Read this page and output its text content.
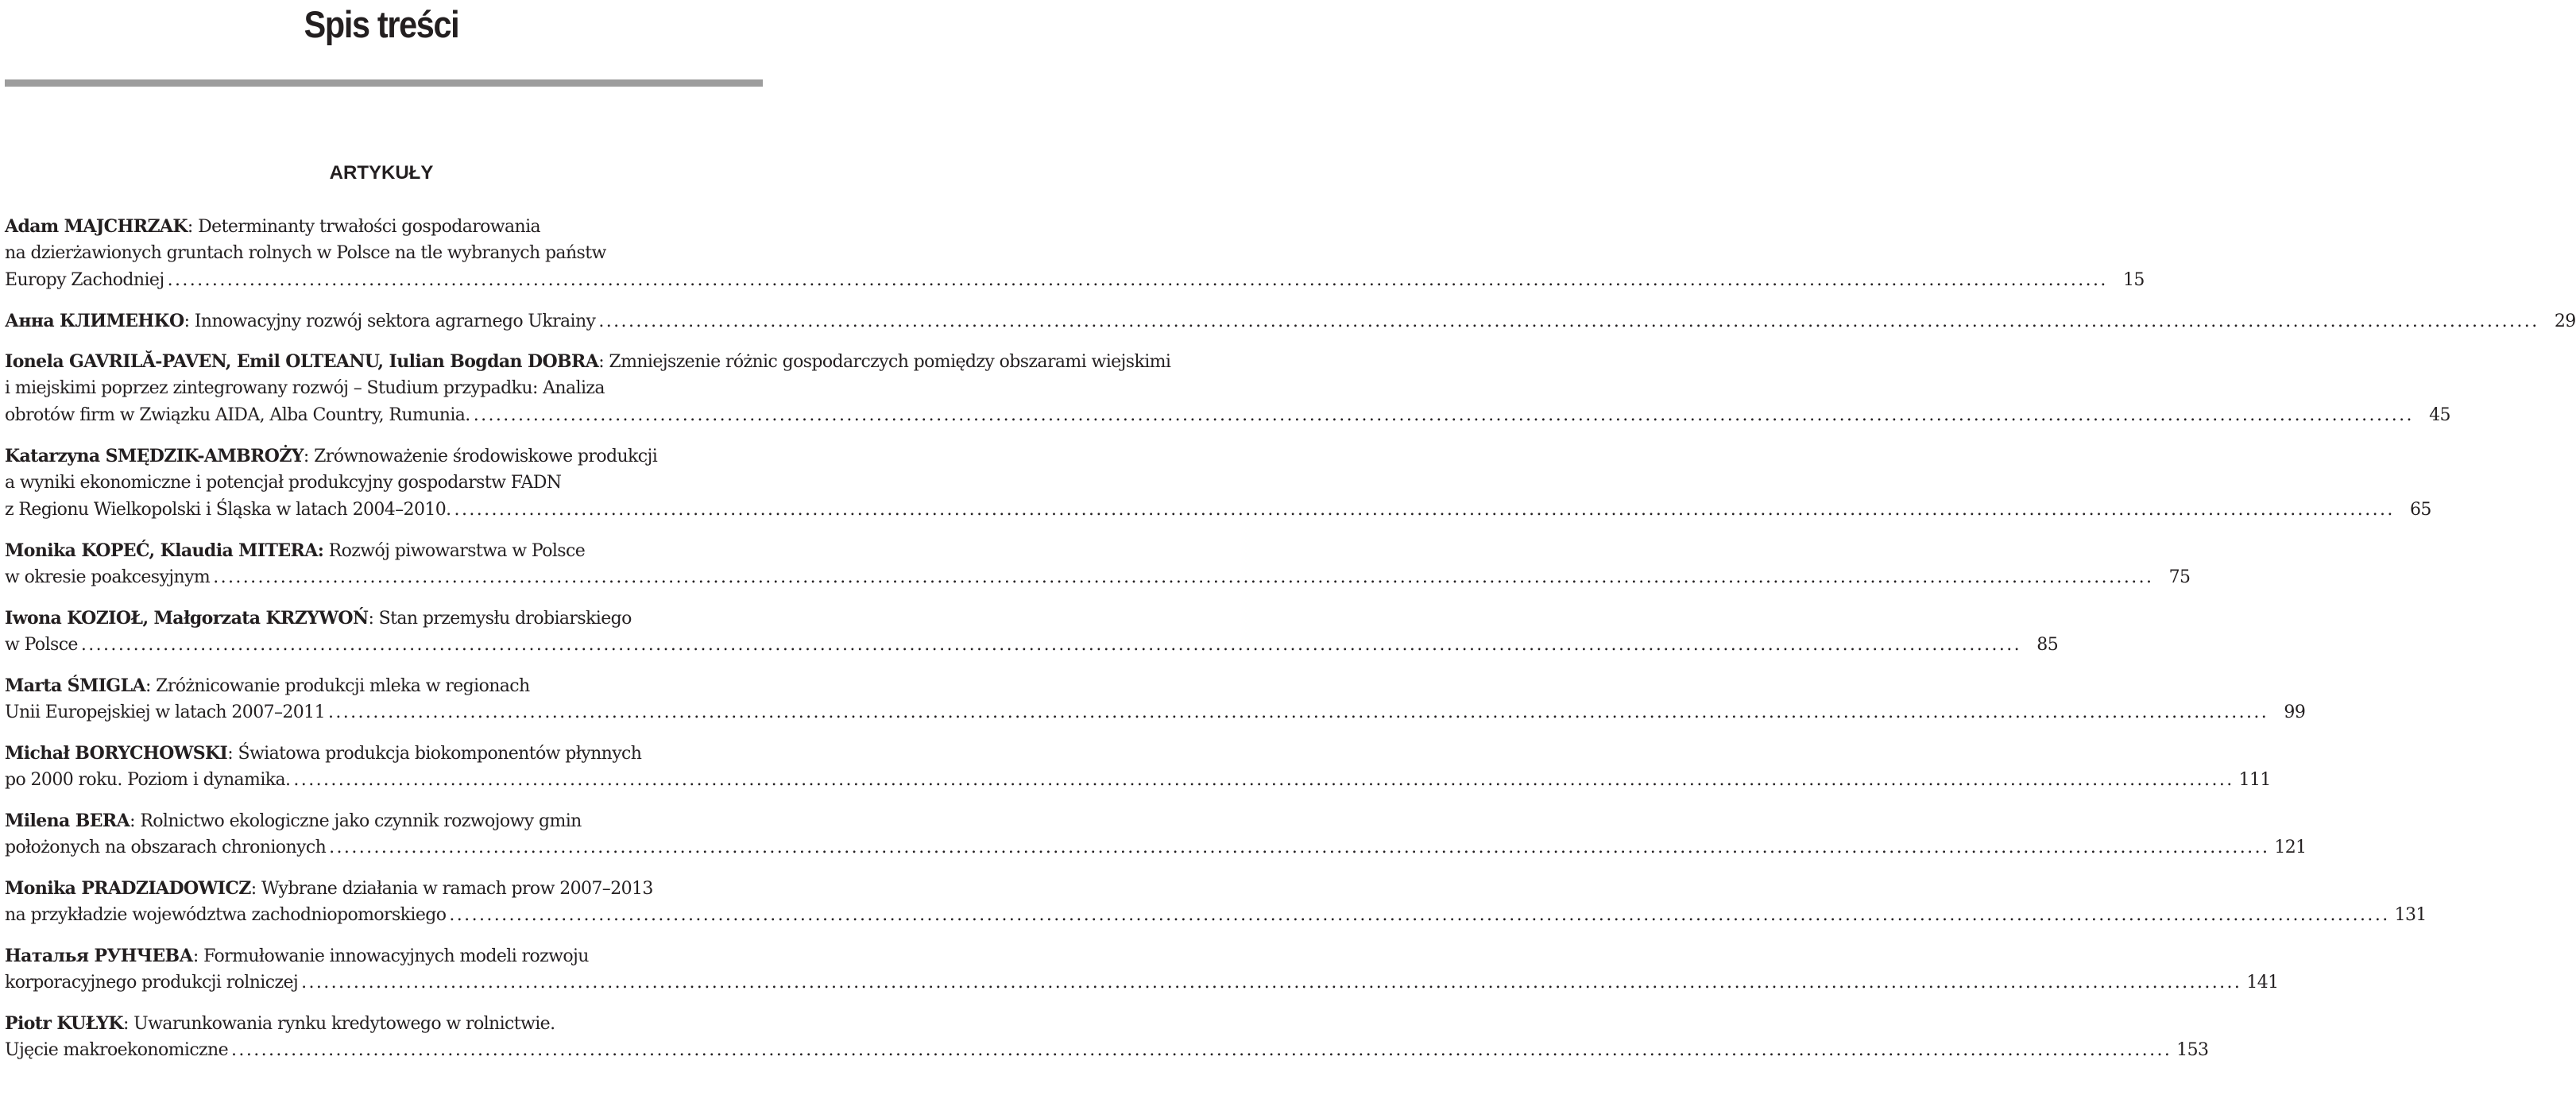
Spis treści
ARTYKUŁY
Adam MAJCHRZAK: Determinanty trwałości gospodarowania
na dzierżawionych gruntach rolnych w Polsce na tle wybranych państw
Europy Zachodniej .................................................................................................................................................................................................................................................................... 15
Анна КЛИМЕНКО: Innowacyjny rozwój sektora agrarnego Ukrainy .................................................................................................................................................................................................................................................................... 29
Ionela GAVRILĂ-PAVEN, Emil OLTEANU, Iulian Bogdan DOBRA: Zmniejszenie różnic gospodarczych pomiędzy obszarami wiejskimi
i miejskimi poprzez zintegrowany rozwój – Studium przypadku: Analiza
obrotów firm w Związku AIDA, Alba Country, Rumunia. .................................................................................................................................................................................................................................................................... 45
Katarzyna SMĘDZIK-AMBROŻY: Zrównoważenie środowiskowe produkcji
a wyniki ekonomiczne i potencjał produkcyjny gospodarstw FADN
z Regionu Wielkopolski i Śląska w latach 2004–2010. .................................................................................................................................................................................................................................................................... 65
Monika KOPEĆ, Klaudia MITERA: Rozwój piwowarstwa w Polsce
w okresie poakcesyjnym .................................................................................................................................................................................................................................................................... 75
Iwona KOZIOŁ, Małgorzata KRZYWOŃ: Stan przemysłu drobiarskiego
w Polsce .................................................................................................................................................................................................................................................................... 85
Marta ŚMIGLA: Zróżnicowanie produkcji mleka w regionach
Unii Europejskiej w latach 2007–2011 .................................................................................................................................................................................................................................................................... 99
Michał BORYCHOWSKI: Światowa produkcja biokomponentów płynnych
po 2000 roku. Poziom i dynamika. .................................................................................................................................................................................................................................................................... 111
Milena BERA: Rolnictwo ekologiczne jako czynnik rozwojowy gmin
położonych na obszarach chronionych .................................................................................................................................................................................................................................................................... 121
Monika PRADZIADOWICZ: Wybrane działania w ramach prow 2007–2013
na przykładzie województwa zachodniopomorskiego .................................................................................................................................................................................................................................................................... 131
Наталья РУНЧЕВА: Formułowanie innowacyjnych modeli rozwoju
korporacyjnego produkcji rolniczej .................................................................................................................................................................................................................................................................... 141
Piotr KUŁYK: Uwarunkowania rynku kredytowego w rolnictwie.
Ujęcie makroekonomiczne .................................................................................................................................................................................................................................................................... 153
